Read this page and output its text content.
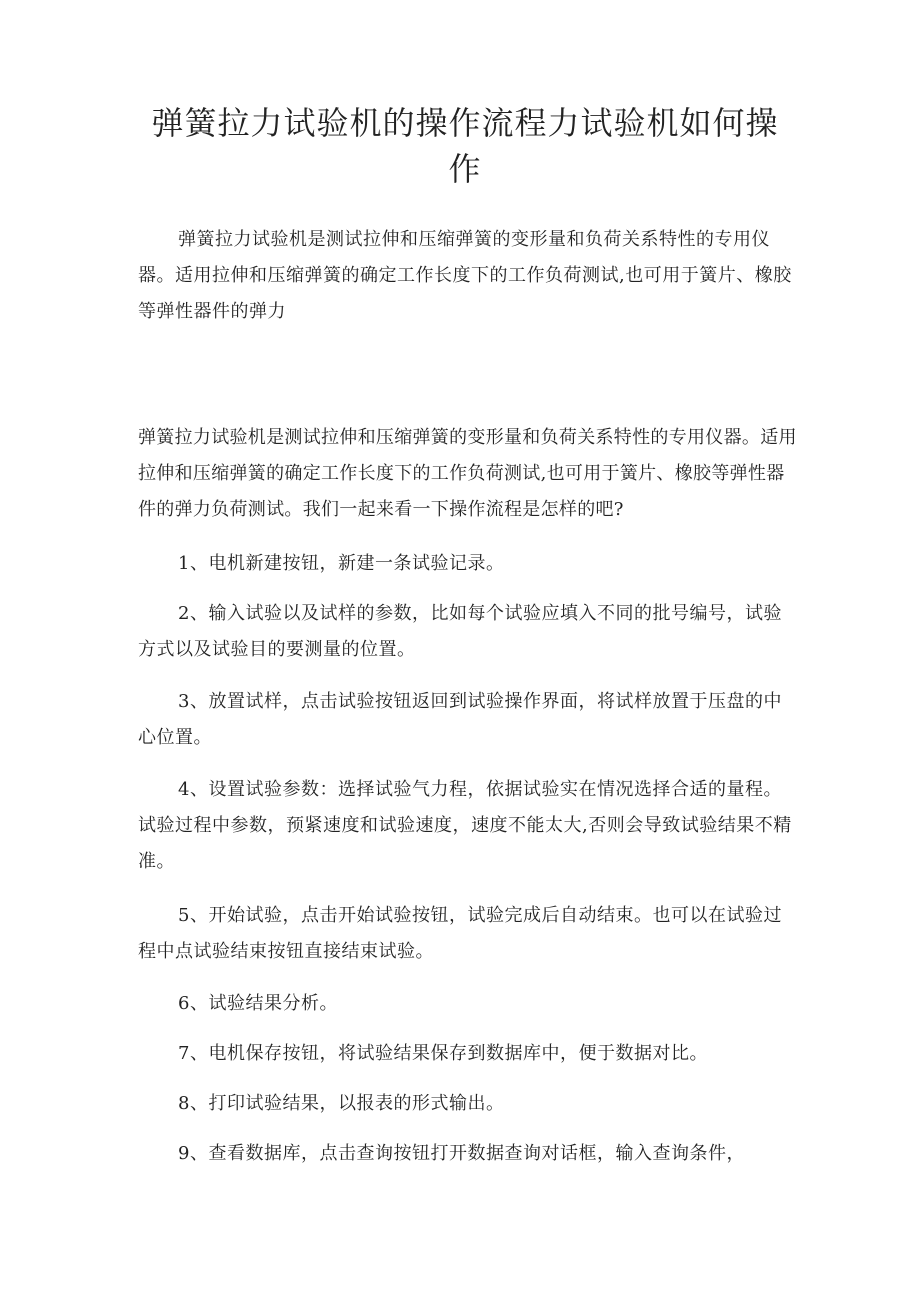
弹簧拉力试验机的操作流程力试验机如何操作

弹簧拉力试验机是测试拉伸和压缩弹簧的变形量和负荷关系特性的专用仪器。适用拉伸和压缩弹簧的确定工作长度下的工作负荷测试,也可用于簧片、橡胶等弹性器件的弹力

弹簧拉力试验机是测试拉伸和压缩弹簧的变形量和负荷关系特性的专用仪器。适用拉伸和压缩弹簧的确定工作长度下的工作负荷测试,也可用于簧片、橡胶等弹性器件的弹力负荷测试。我们一起来看一下操作流程是怎样的吧?

1、电机新建按钮，新建一条试验记录。

2、输入试验以及试样的参数，比如每个试验应填入不同的批号编号，试验方式以及试验目的要测量的位置。

3、放置试样，点击试验按钮返回到试验操作界面，将试样放置于压盘的中心位置。

4、设置试验参数：选择试验气力程，依据试验实在情况选择合适的量程。试验过程中参数，预紧速度和试验速度，速度不能太大,否则会导致试验结果不精准。

5、开始试验，点击开始试验按钮，试验完成后自动结束。也可以在试验过程中点试验结束按钮直接结束试验。

6、试验结果分析。

7、电机保存按钮，将试验结果保存到数据库中，便于数据对比。

8、打印试验结果，以报表的形式输出。

9、查看数据库，点击查询按钮打开数据查询对话框，输入查询条件，
